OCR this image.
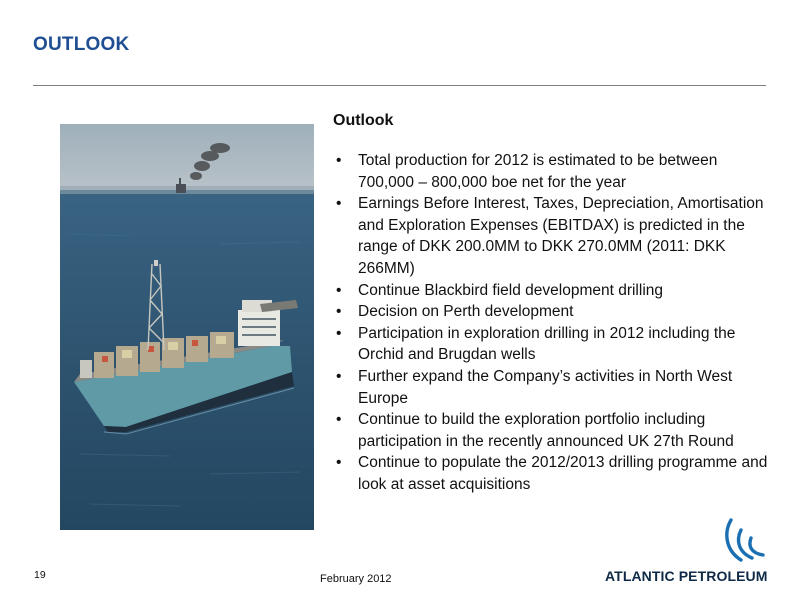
OUTLOOK
Outlook
• Total production for 2012 is estimated to be between 700,000 – 800,000 boe net for the year
• Earnings Before Interest, Taxes, Depreciation, Amortisation and Exploration Expenses (EBITDAX) is predicted in the range of DKK 200.0MM to DKK 270.0MM (2011: DKK 266MM)
• Continue Blackbird field development drilling
• Decision on Perth development
• Participation in exploration drilling in 2012 including the Orchid and Brugdan wells
• Further expand the Company’s activities in North West Europe
• Continue to build the exploration portfolio including participation in the recently announced UK 27th Round
• Continue to populate the 2012/2013 drilling programme and look at asset acquisitions
19	February 2012	ATLANTIC PETROLEUM
